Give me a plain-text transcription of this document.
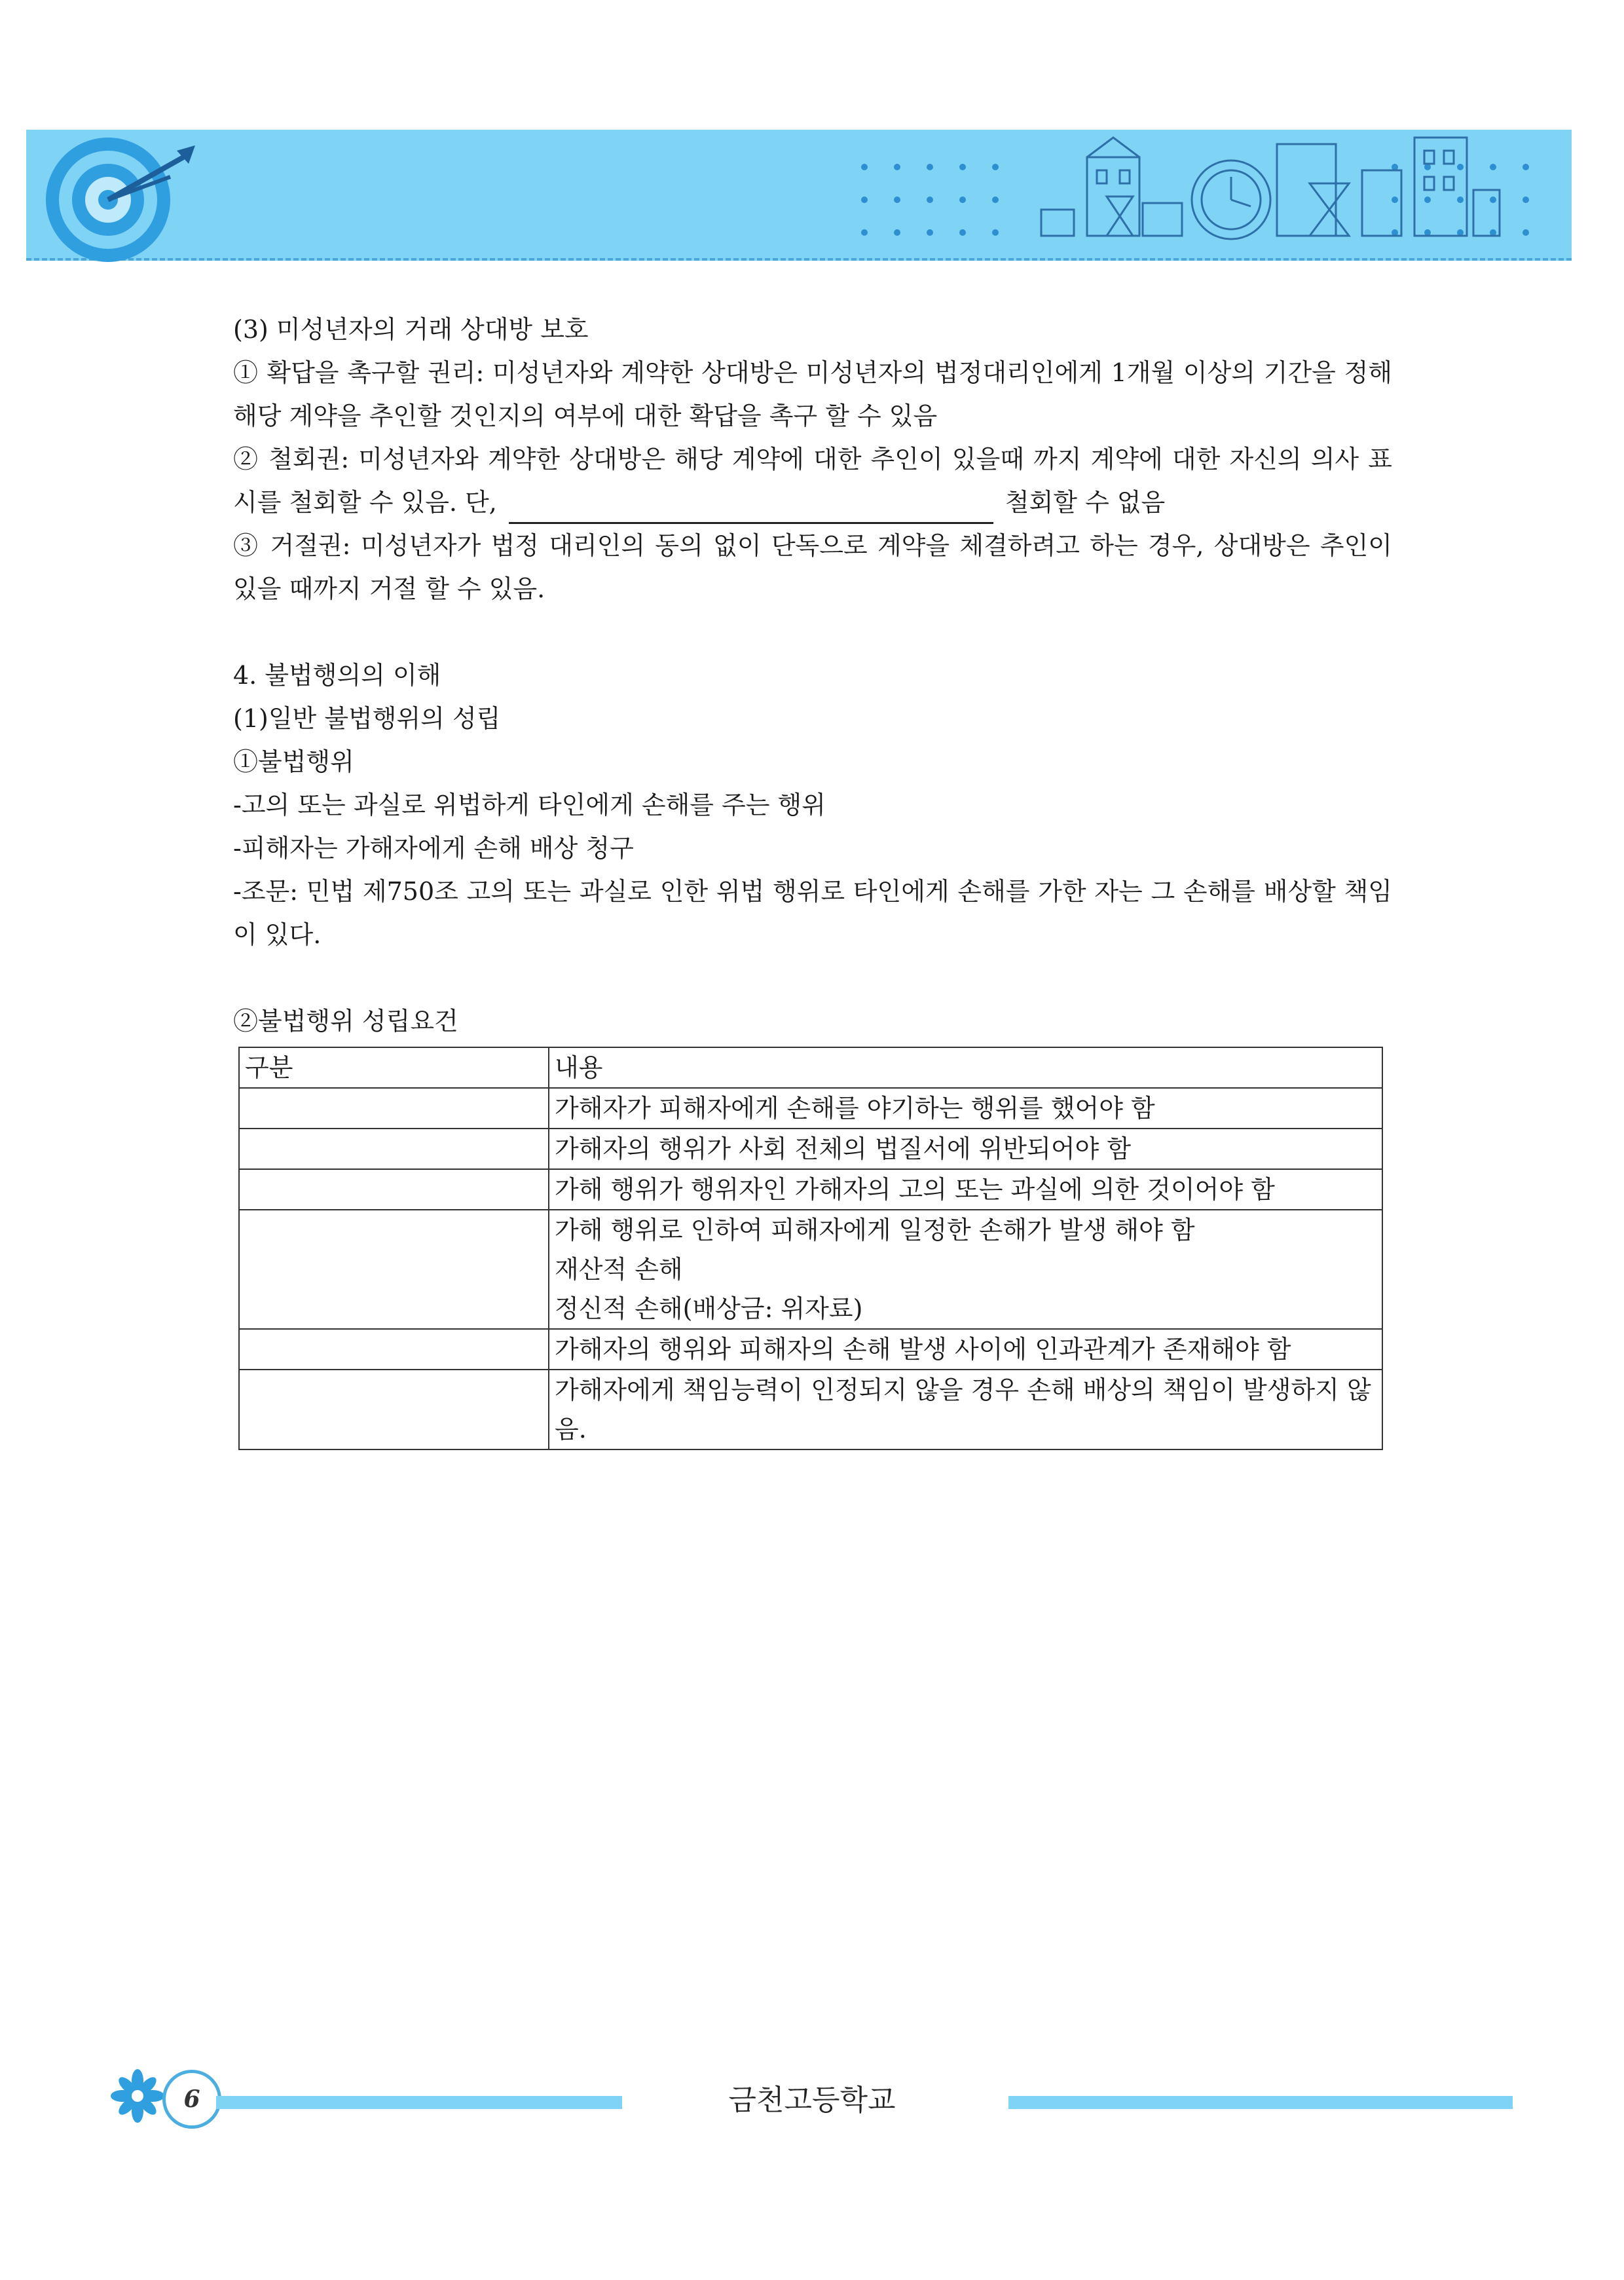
(3) 미성년자의 거래 상대방 보호

① 확답을 촉구할 권리: 미성년자와 계약한 상대방은 미성년자의 법정대리인에게 1개월 이상의 기간을 정해 해당 계약을 추인할 것인지의 여부에 대한 확답을 촉구 할 수 있음

② 철회권: 미성년자와 계약한 상대방은 해당 계약에 대한 추인이 있을때 까지 계약에 대한 자신의 의사 표시를 철회할 수 있음. 단,	철회할 수 없음

③ 거절권: 미성년자가 법정 대리인의 동의 없이 단독으로 계약을 체결하려고 하는 경우, 상대방은 추인이 있을 때까지 거절 할 수 있음.

4. 불법행의의 이해

(1)일반 불법행위의 성립

①불법행위

-고의 또는 과실로 위법하게 타인에게 손해를 주는 행위

-피해자는 가해자에게 손해 배상 청구

-조문: 민법 제750조 고의 또는 과실로 인한 위법 행위로 타인에게 손해를 가한 자는 그 손해를 배상할 책임이 있다.

②불법행위 성립요건

구분	내용
	가해자가 피해자에게 손해를 야기하는 행위를 했어야 함
	가해자의 행위가 사회 전체의 법질서에 위반되어야 함
	가해 행위가 행위자인 가해자의 고의 또는 과실에 의한 것이어야 함

	가해 행위로 인하여 피해자에게 일정한 손해가 발생 해야 함
재산적 손해
정신적 손해(배상금: 위자료)

	가해자의 행위와 피해자의 손해 발생 사이에 인과관계가 존재해야 함
	가해자에게 책임능력이 인정되지 않을 경우 손해 배상의 책임이 발생하지 않음.
6	금천고등학교
